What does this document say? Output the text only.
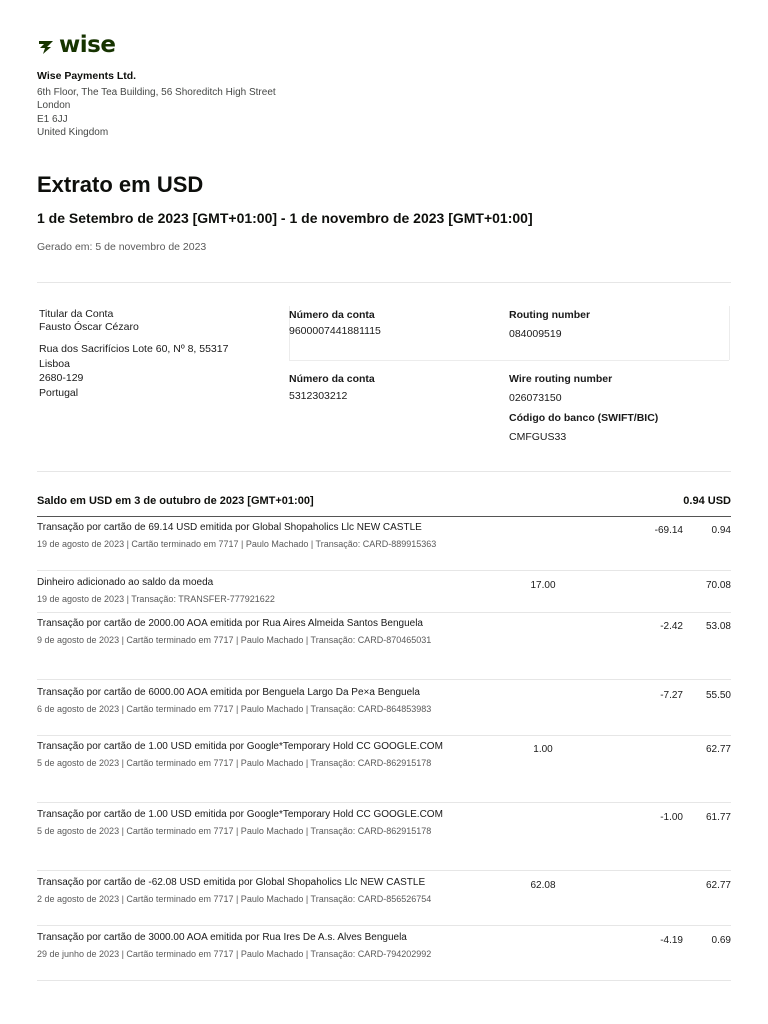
wise
Wise Payments Ltd.
6th Floor, The Tea Building, 56 Shoreditch High Street
London
E1 6JJ
United Kingdom
Extrato em USD
1 de Setembro de 2023 [GMT+01:00] - 1 de novembro de 2023 [GMT+01:00]
Gerado em: 5 de novembro de 2023
Titular da Conta
Fausto Óscar Cézaro
Rua dos Sacrifícios Lote 60, Nº 8, 55317
Lisboa
2680-129
Portugal
Número da conta
9600007441881115
Routing number
084009519
Número da conta
5312303212
Wire routing number
026073150
Código do banco (SWIFT/BIC)
CMFGUS33
Saldo em USD em 3 de outubro de 2023 [GMT+01:00]	0.94 USD
Transação por cartão de 69.14 USD emitida por Global Shopaholics Llc NEW CASTLE
19 de agosto de 2023 | Cartão terminado em 7717 | Paulo Machado | Transação: CARD-889915363
-69.14	0.94
Dinheiro adicionado ao saldo da moeda
19 de agosto de 2023 | Transação: TRANSFER-777921622
17.00	70.08
Transação por cartão de 2000.00 AOA emitida por Rua Aires Almeida Santos Benguela
9 de agosto de 2023 | Cartão terminado em 7717 | Paulo Machado | Transação: CARD-870465031
-2.42	53.08
Transação por cartão de 6000.00 AOA emitida por Benguela Largo Da Pe×a Benguela
6 de agosto de 2023 | Cartão terminado em 7717 | Paulo Machado | Transação: CARD-864853983
-7.27	55.50
Transação por cartão de 1.00 USD emitida por Google*Temporary Hold CC GOOGLE.COM
5 de agosto de 2023 | Cartão terminado em 7717 | Paulo Machado | Transação: CARD-862915178
1.00	62.77
Transação por cartão de 1.00 USD emitida por Google*Temporary Hold CC GOOGLE.COM
5 de agosto de 2023 | Cartão terminado em 7717 | Paulo Machado | Transação: CARD-862915178
-1.00	61.77
Transação por cartão de -62.08 USD emitida por Global Shopaholics Llc NEW CASTLE
2 de agosto de 2023 | Cartão terminado em 7717 | Paulo Machado | Transação: CARD-856526754
62.08	62.77
Transação por cartão de 3000.00 AOA emitida por Rua Ires De A.s. Alves Benguela
29 de junho de 2023 | Cartão terminado em 7717 | Paulo Machado | Transação: CARD-794202992
-4.19	0.69
